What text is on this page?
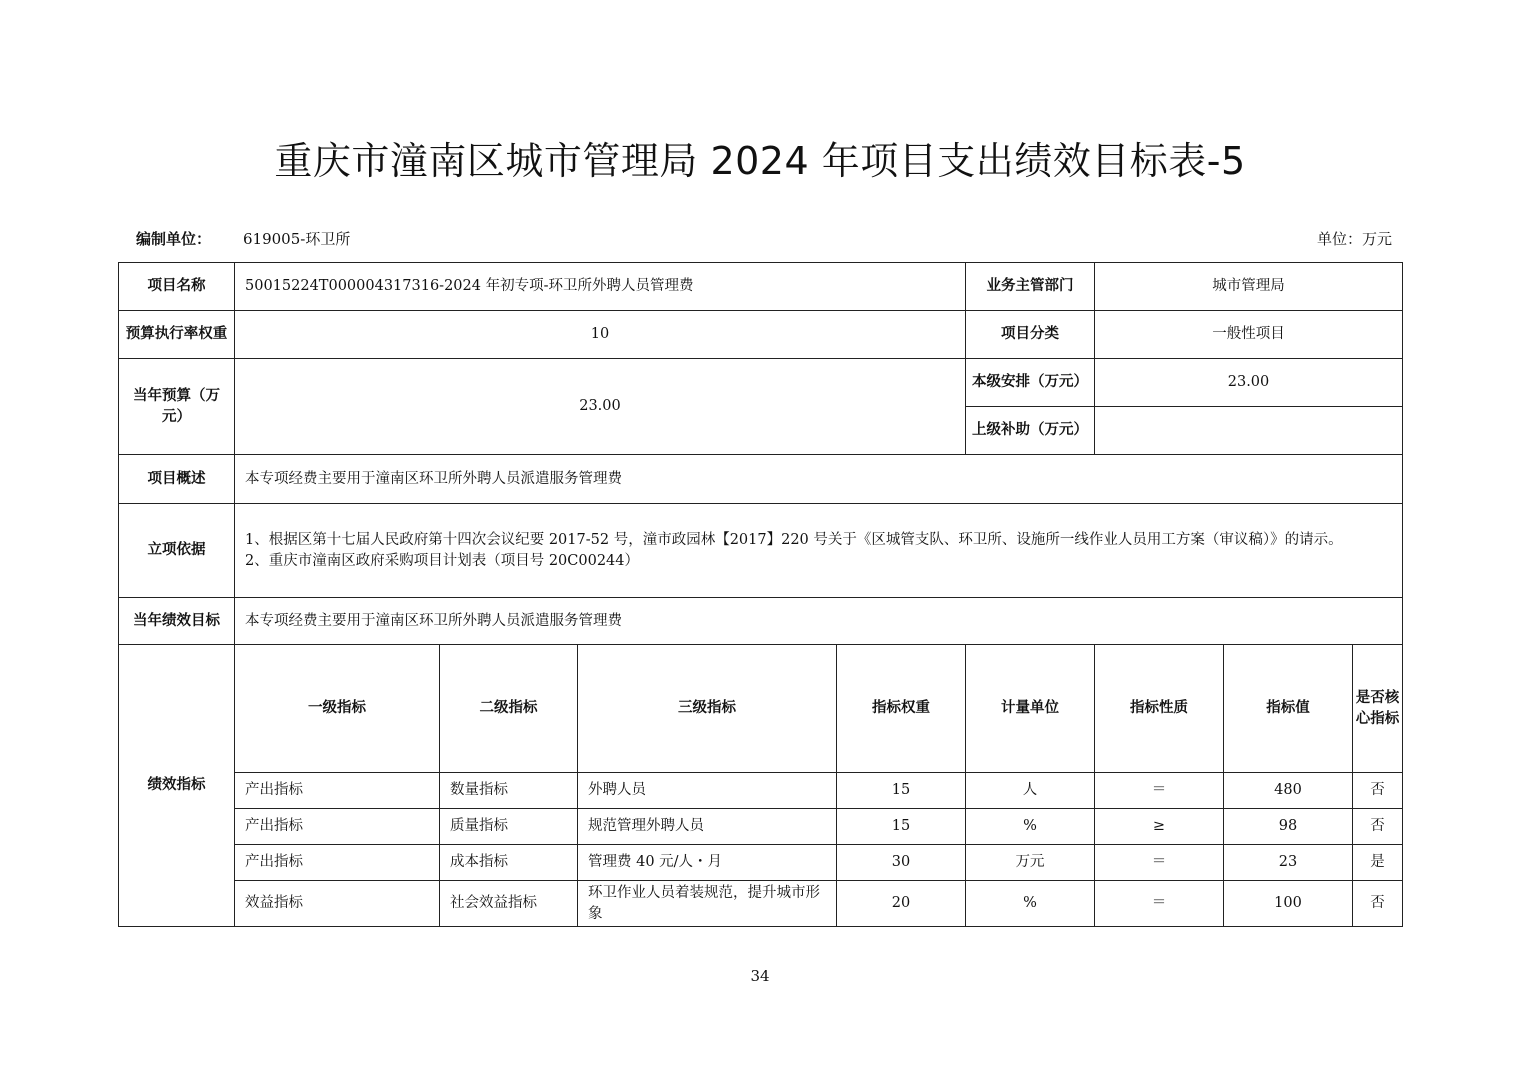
重庆市潼南区城市管理局 2024 年项目支出绩效目标表-5
编制单位： 619005-环卫所	单位：万元
项目名称	50015224T000004317316-2024 年初专项-环卫所外聘人员管理费				业务主管部门	城市管理局		
预算执行率权重	10				项目分类	一般性项目		
当年预算（万元）	23.00				本级安排（万元）	23.00		
					上级补助（万元）			
项目概述	本专项经费主要用于潼南区环卫所外聘人员派遣服务管理费							
立项依据	1、根据区第十七届人民政府第十四次会议纪要 2017-52 号，潼市政园林【2017】220 号关于《区城管支队、环卫所、设施所一线作业人员用工方案（审议稿）》的请示。
2、重庆市潼南区政府采购项目计划表（项目号 20C00244）							

当年绩效目标	本专项经费主要用于潼南区环卫所外聘人员派遣服务管理费							
绩效指标	一级指标	二级指标	三级指标	指标权重	计量单位	指标性质	指标值	是否核心指标
	产出指标	数量指标	外聘人员	15	人	＝	480	否
	产出指标	质量指标	规范管理外聘人员	15	%	≥	98	否
	产出指标	成本指标	管理费 40 元/人・月	30	万元	＝	23	是
	效益指标	社会效益指标	环卫作业人员着装规范，提升城市形象	20	%	＝	100	否
34
